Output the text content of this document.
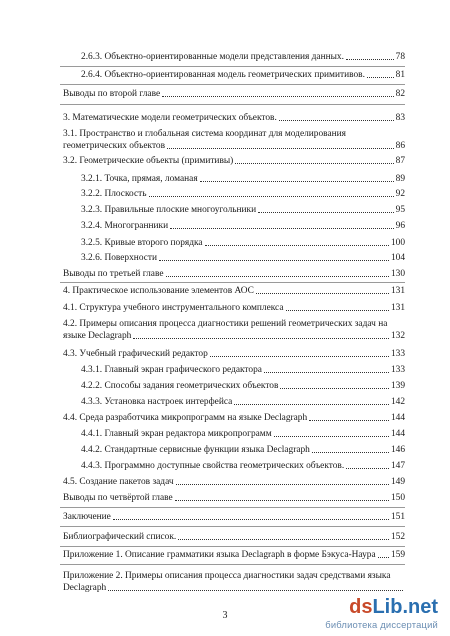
2.6.3. Объектно-ориентированные модели представления данных.	78
2.6.4. Объектно-ориентированная модель геометрических примитивов.	81
Выводы по второй главе	82
3. Математические модели геометрических объектов.	83
3.1. Пространство и глобальная система координат для моделирования
геометрических объектов	86
3.2. Геометрические объекты (примитивы)	87
3.2.1. Точка, прямая, ломаная	89
3.2.2. Плоскость	92
3.2.3. Правильные плоские многоугольники	95
3.2.4. Многогранники	96
3.2.5. Кривые второго порядка	100
3.2.6. Поверхности	104
Выводы по третьей главе	130
4. Практическое использование элементов АОС	131
4.1. Структура учебного инструментального комплекса	131
4.2. Примеры описания процесса диагностики решений геометрических задач на
языке Declagraph	132
4.3. Учебный графический редактор	133
4.3.1. Главный экран графического редактора	133
4.2.2. Способы задания геометрических объектов	139
4.3.3. Установка настроек интерфейса	142
4.4. Среда разработчика микропрограмм на языке Declagraph	144
4.4.1. Главный экран редактора микропрограмм	144
4.4.2. Стандартные сервисные функции языка Declagraph	146
4.4.3. Программно доступные свойства геометрических объектов.	147
4.5. Создание пакетов задач	149
Выводы по четвёртой главе	150
Заключение	151
Библиографический список.	152
Приложение 1. Описание грамматики языка Declagraph в форме Бэкуса-Наура 159
Приложение 2. Примеры описания процесса диагностики задач средствами языка
Declagraph
3	dsLib.net
библиотека диссертаций
